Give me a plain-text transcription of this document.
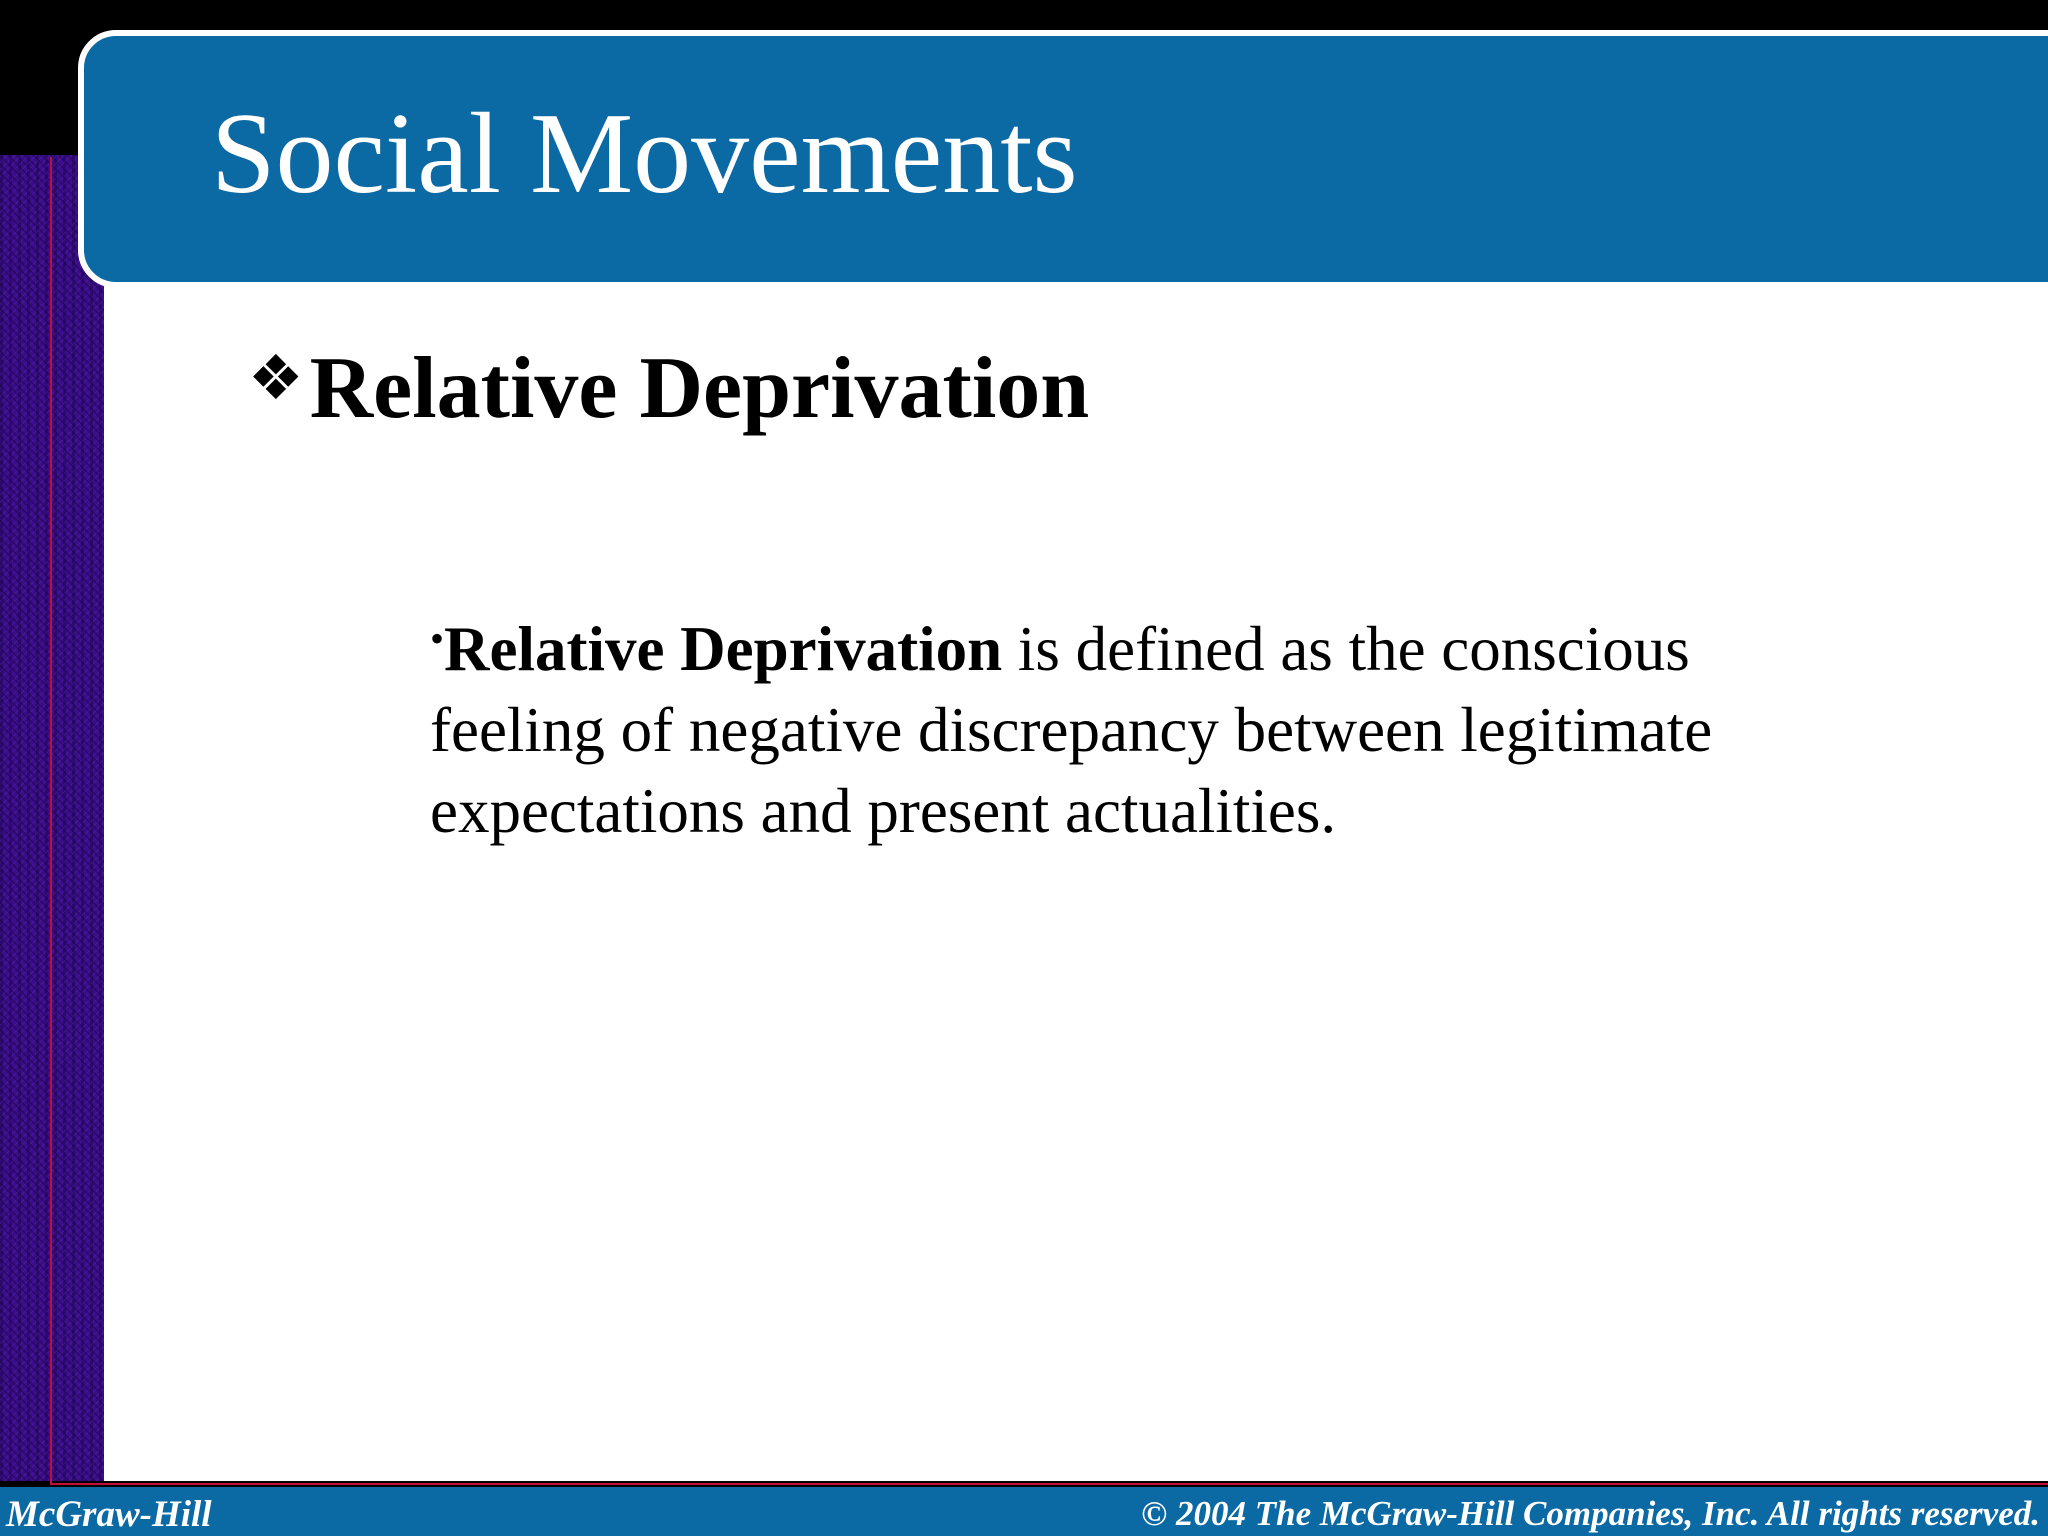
Social Movements
❖Relative Deprivation

•Relative Deprivation is defined as the conscious feeling of negative discrepancy between legitimate expectations and present actualities.

McGraw-Hill	© 2004 The McGraw-Hill Companies, Inc. All rights reserved.
